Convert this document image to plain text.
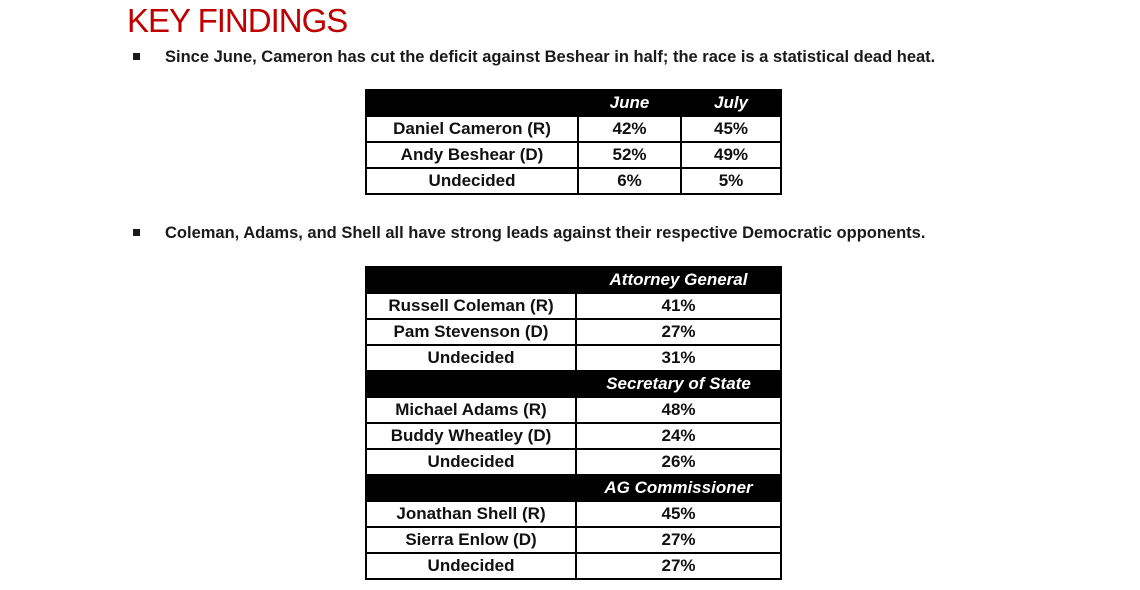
KEY FINDINGS
Since June, Cameron has cut the deficit against Beshear in half; the race is a statistical dead heat.
	June	July
Daniel Cameron (R)	42%	45%
Andy Beshear (D)	52%	49%
Undecided	6%	5%
Coleman, Adams, and Shell all have strong leads against their respective Democratic opponents.
	Attorney General
Russell Coleman (R)	41%
Pam Stevenson (D)	27%
Undecided	31%
	Secretary of State
Michael Adams (R)	48%
Buddy Wheatley (D)	24%
Undecided	26%
	AG Commissioner
Jonathan Shell (R)	45%
Sierra Enlow (D)	27%
Undecided	27%
